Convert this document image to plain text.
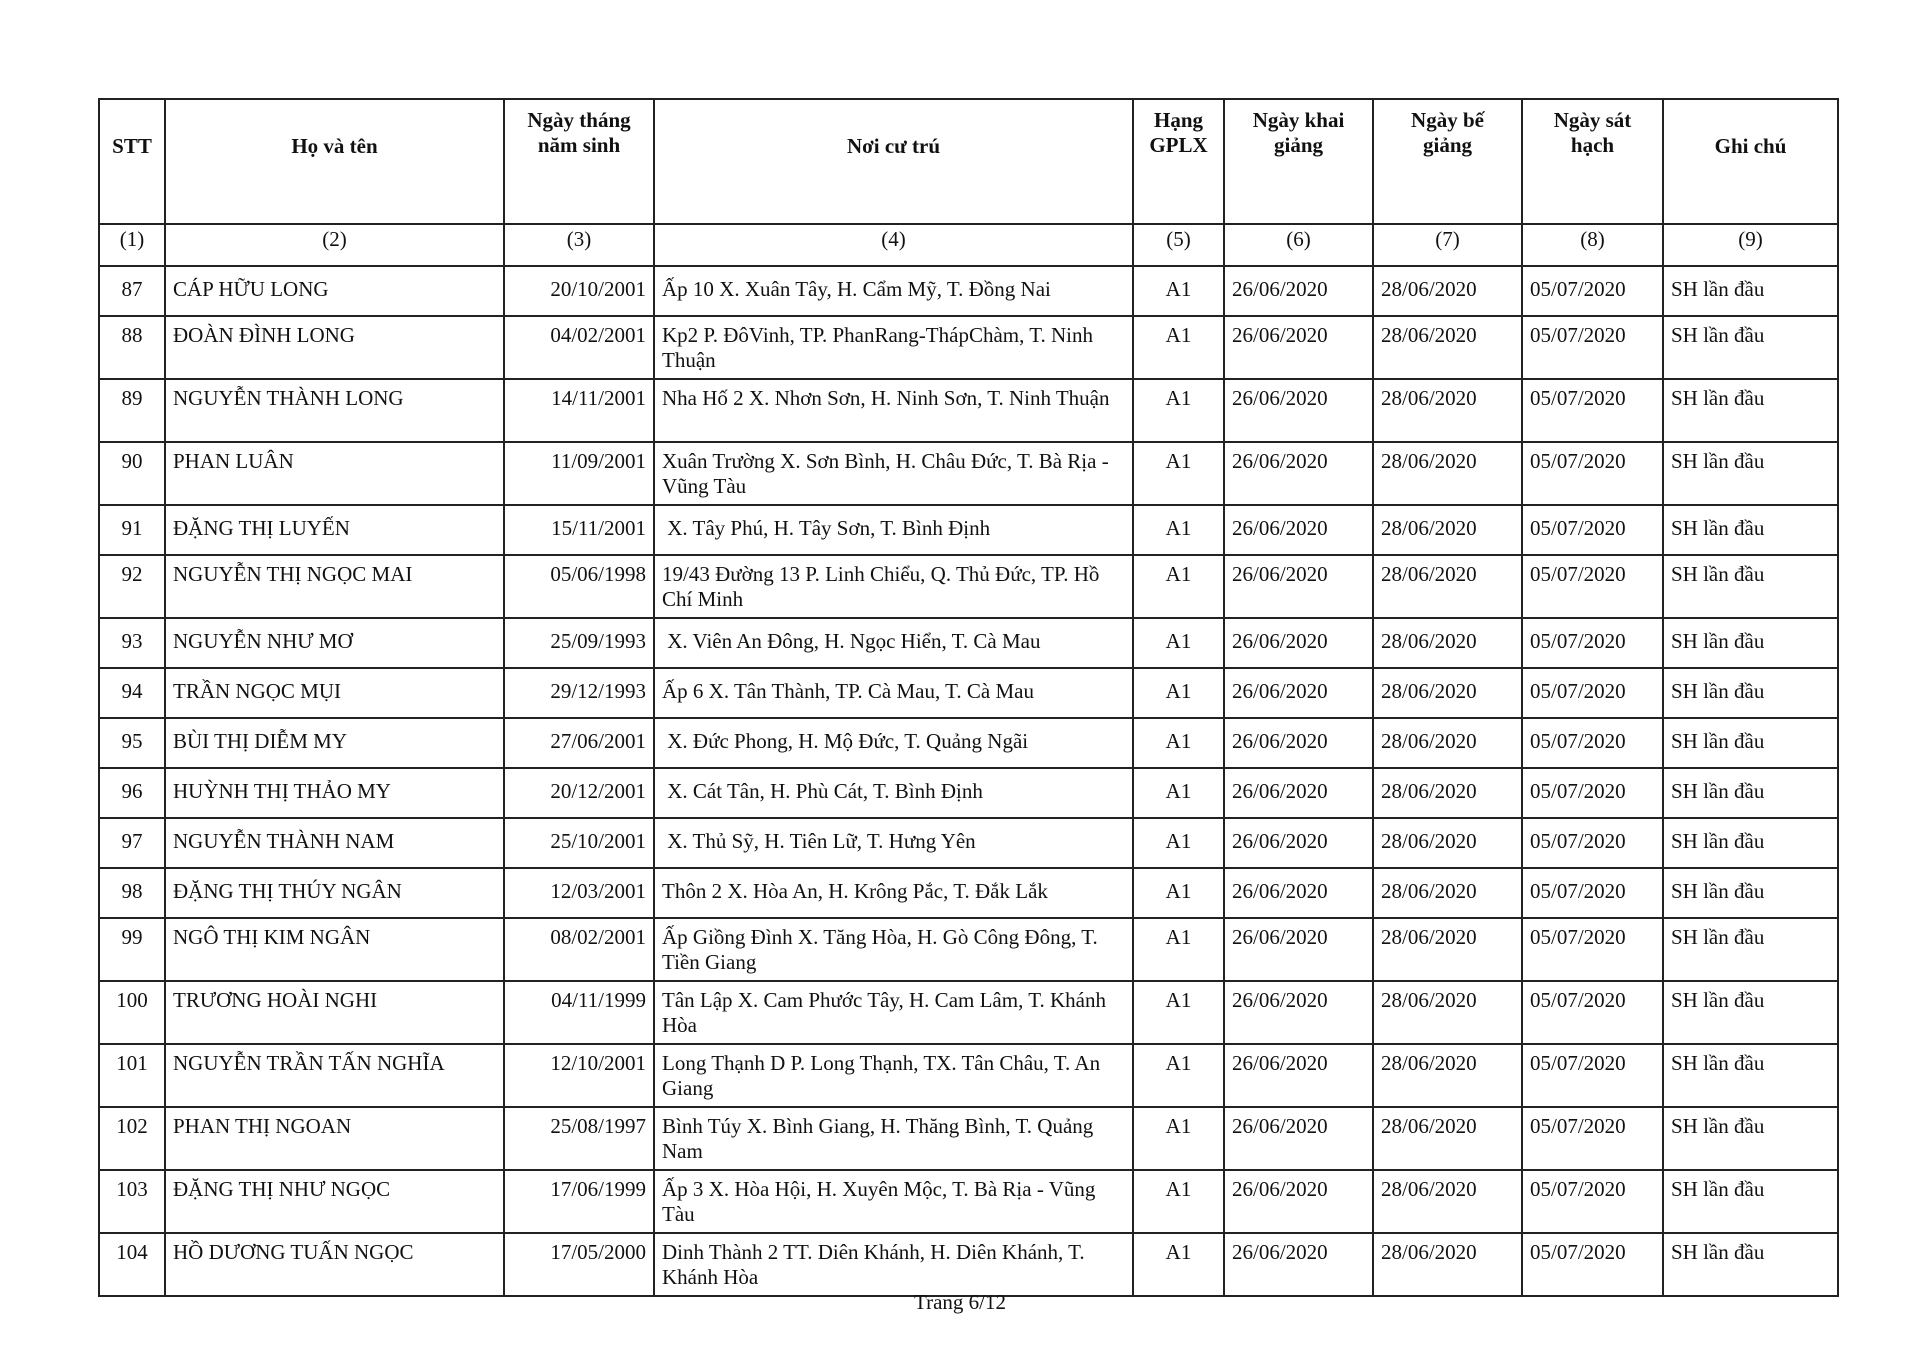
STT	Họ và tên	Ngày tháng năm sinh	Nơi cư trú	Hạng GPLX	Ngày khai giảng	Ngày bế giảng	Ngày sát hạch	Ghi chú
(1)	(2)	(3)	(4)	(5)	(6)	(7)	(8)	(9)
87	CÁP HỮU LONG	20/10/2001	Ấp 10 X. Xuân Tây, H. Cẩm Mỹ, T. Đồng Nai	A1	26/06/2020	28/06/2020	05/07/2020	SH lần đầu
88	ĐOÀN ĐÌNH LONG	04/02/2001	Kp2 P. ĐôVinh, TP. PhanRang-ThápChàm, T. Ninh Thuận	A1	26/06/2020	28/06/2020	05/07/2020	SH lần đầu
89	NGUYỄN THÀNH LONG	14/11/2001	Nha Hố 2 X. Nhơn Sơn, H. Ninh Sơn, T. Ninh Thuận	A1	26/06/2020	28/06/2020	05/07/2020	SH lần đầu
90	PHAN LUÂN	11/09/2001	Xuân Trường X. Sơn Bình, H. Châu Đức, T. Bà Rịa - Vũng Tàu	A1	26/06/2020	28/06/2020	05/07/2020	SH lần đầu
91	ĐẶNG THỊ LUYẾN	15/11/2001	X. Tây Phú, H. Tây Sơn, T. Bình Định	A1	26/06/2020	28/06/2020	05/07/2020	SH lần đầu
92	NGUYỄN THỊ NGỌC MAI	05/06/1998	19/43 Đường 13 P. Linh Chiểu, Q. Thủ Đức, TP. Hồ Chí Minh	A1	26/06/2020	28/06/2020	05/07/2020	SH lần đầu
93	NGUYỄN NHƯ MƠ	25/09/1993	X. Viên An Đông, H. Ngọc Hiển, T. Cà Mau	A1	26/06/2020	28/06/2020	05/07/2020	SH lần đầu
94	TRẦN NGỌC MỤI	29/12/1993	Ấp 6 X. Tân Thành, TP. Cà Mau, T. Cà Mau	A1	26/06/2020	28/06/2020	05/07/2020	SH lần đầu
95	BÙI THỊ DIỄM MY	27/06/2001	X. Đức Phong, H. Mộ Đức, T. Quảng Ngãi	A1	26/06/2020	28/06/2020	05/07/2020	SH lần đầu
96	HUỲNH THỊ THẢO MY	20/12/2001	X. Cát Tân, H. Phù Cát, T. Bình Định	A1	26/06/2020	28/06/2020	05/07/2020	SH lần đầu
97	NGUYỄN THÀNH NAM	25/10/2001	X. Thủ Sỹ, H. Tiên Lữ, T. Hưng Yên	A1	26/06/2020	28/06/2020	05/07/2020	SH lần đầu
98	ĐẶNG THỊ THÚY NGÂN	12/03/2001	Thôn 2 X. Hòa An, H. Krông Pắc, T. Đắk Lắk	A1	26/06/2020	28/06/2020	05/07/2020	SH lần đầu
99	NGÔ THỊ KIM NGÂN	08/02/2001	Ấp Giồng Đình X. Tăng Hòa, H. Gò Công Đông, T. Tiền Giang	A1	26/06/2020	28/06/2020	05/07/2020	SH lần đầu
100	TRƯƠNG HOÀI NGHI	04/11/1999	Tân Lập X. Cam Phước Tây, H. Cam Lâm, T. Khánh Hòa	A1	26/06/2020	28/06/2020	05/07/2020	SH lần đầu
101	NGUYỄN TRẦN TẤN NGHĨA	12/10/2001	Long Thạnh D P. Long Thạnh, TX. Tân Châu, T. An Giang	A1	26/06/2020	28/06/2020	05/07/2020	SH lần đầu
102	PHAN THỊ NGOAN	25/08/1997	Bình Túy X. Bình Giang, H. Thăng Bình, T. Quảng Nam	A1	26/06/2020	28/06/2020	05/07/2020	SH lần đầu
103	ĐẶNG THỊ NHƯ NGỌC	17/06/1999	Ấp 3 X. Hòa Hội, H. Xuyên Mộc, T. Bà Rịa - Vũng Tàu	A1	26/06/2020	28/06/2020	05/07/2020	SH lần đầu
104	HỒ DƯƠNG TUẤN NGỌC	17/05/2000	Dinh Thành 2 TT. Diên Khánh, H. Diên Khánh, T. Khánh Hòa	A1	26/06/2020	28/06/2020	05/07/2020	SH lần đầu
Trang 6/12
